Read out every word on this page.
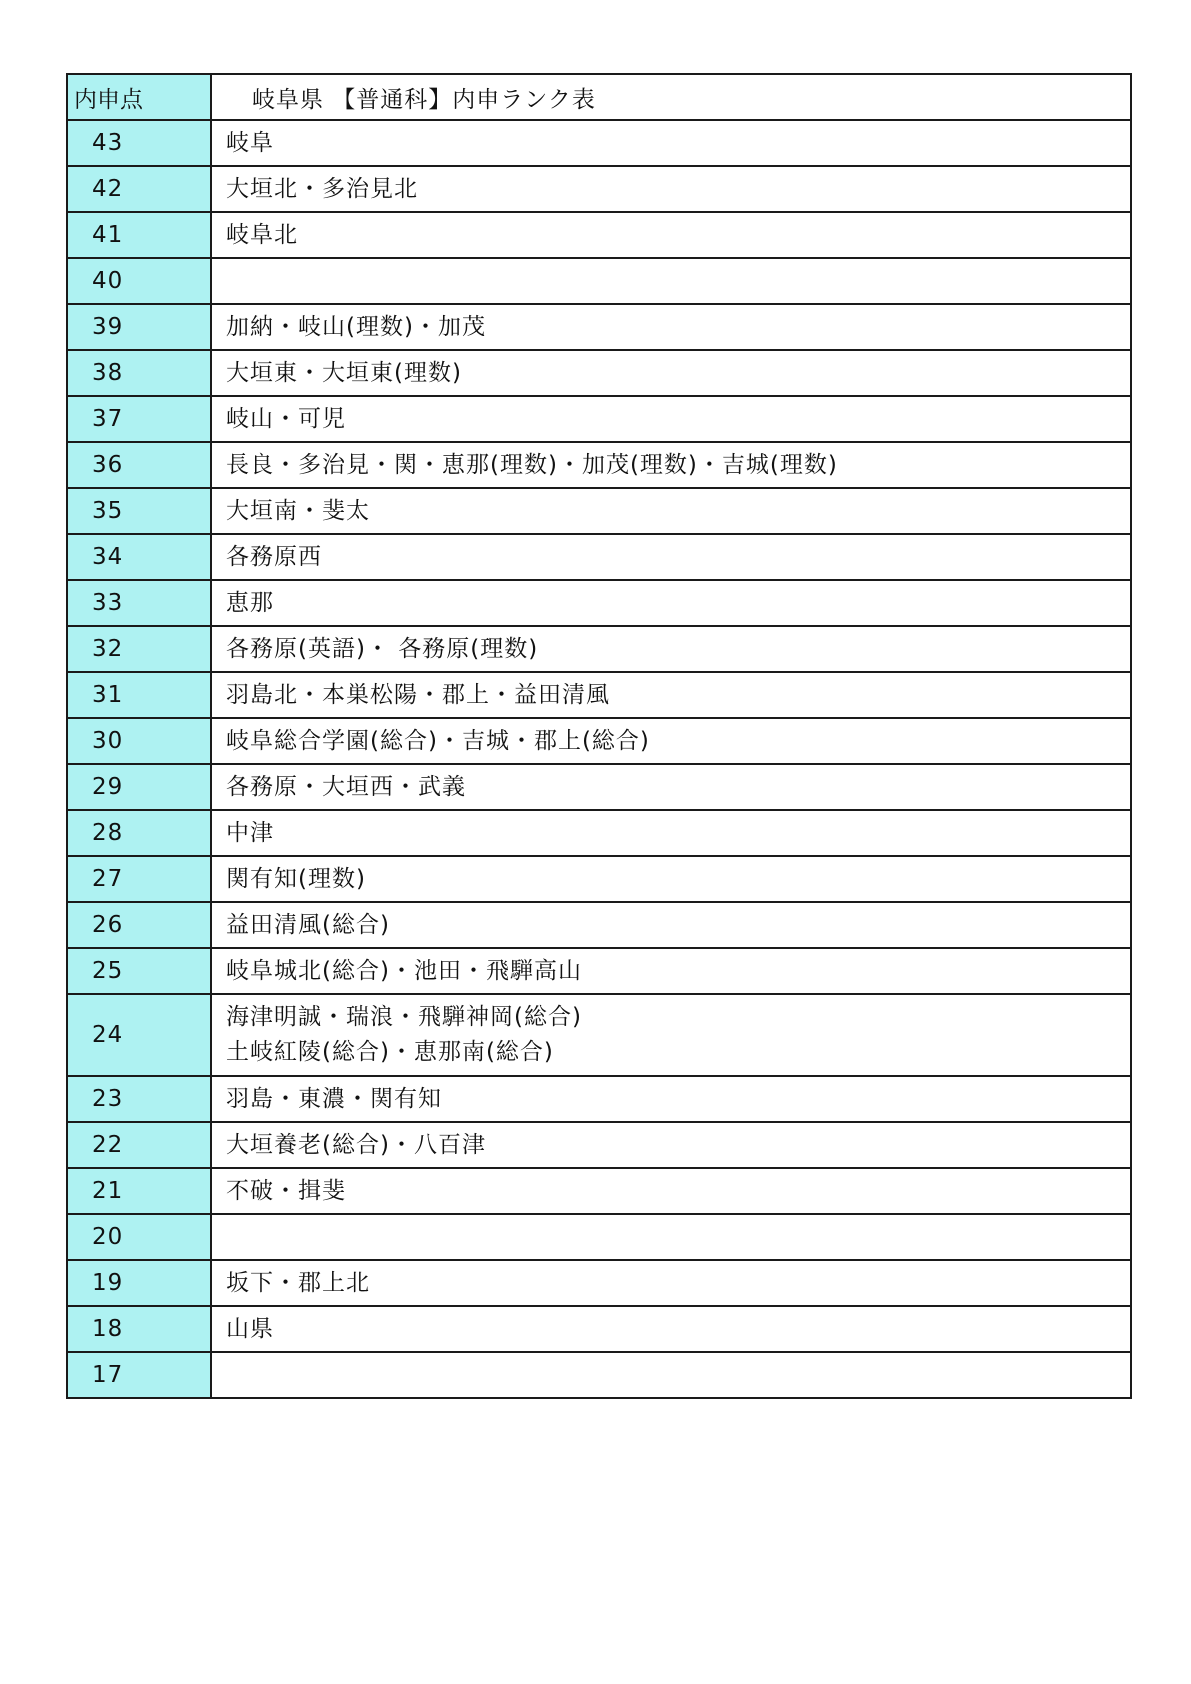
内申点	岐阜県 【普通科】内申ランク表
43	岐阜

42	大垣北・多治見北

41	岐阜北

40	

39	加納・岐山(理数)・加茂

38	大垣東・大垣東(理数)

37	岐山・可児

36	長良・多治見・関・恵那(理数)・加茂(理数)・吉城(理数)

35	大垣南・斐太

34	各務原西

33	恵那

32	各務原(英語)・ 各務原(理数)

31	羽島北・本巣松陽・郡上・益田清風

30	岐阜総合学園(総合)・吉城・郡上(総合)

29	各務原・大垣西・武義

28	中津

27	関有知(理数)

26	益田清風(総合)

25	岐阜城北(総合)・池田・飛騨高山

24	海津明誠・瑞浪・飛騨神岡(総合)
土岐紅陵(総合)・恵那南(総合)

23	羽島・東濃・関有知

22	大垣養老(総合)・八百津

21	不破・揖斐

20	

19	坂下・郡上北

18	山県

17	
